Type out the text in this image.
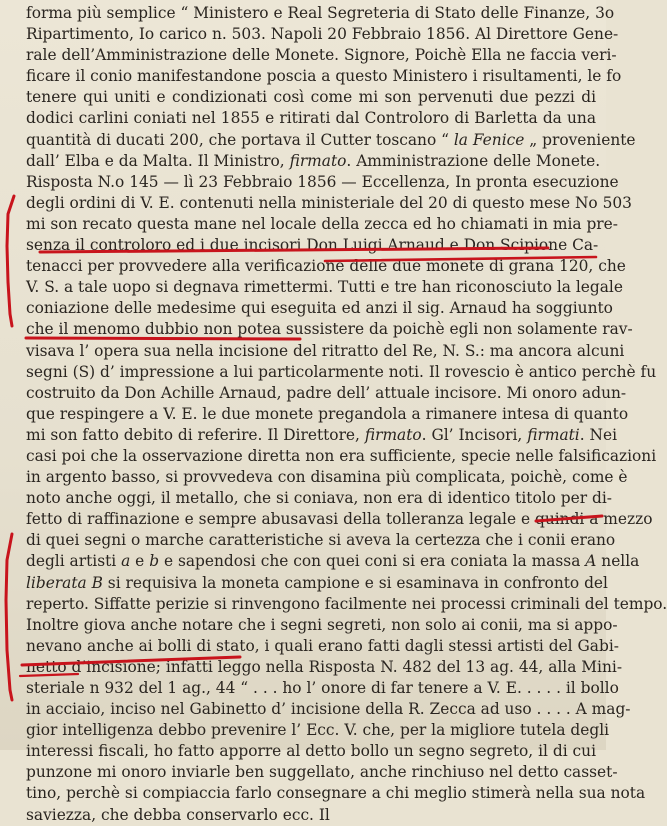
forma più semplice “ Ministero e Real Segreteria di Stato delle Finanze, 3o
Ripartimento, Io carico n. 503. Napoli 20 Febbraio 1856. Al Direttore Gene-
rale dell’Amministrazione delle Monete. Signore, Poichè Ella ne faccia veri-
ficare il conio manifestandone poscia a questo Ministero i risultamenti, le fo
tenere qui uniti e condizionati così come mi son pervenuti due pezzi di
dodici carlini coniati nel 1855 e ritirati dal Controloro di Barletta da una
quantità di ducati 200, che portava il Cutter toscano “ la Fenice „ proveniente
dall’ Elba e da Malta. Il Ministro, firmato. Amministrazione delle Monete.
Risposta N.o 145 — lì 23 Febbraio 1856 — Eccellenza, In pronta esecuzione
degli ordini di V. E. contenuti nella ministeriale del 20 di questo mese No 503
mi son recato questa mane nel locale della zecca ed ho chiamati in mia pre-
senza il controloro ed i due incisori Don Luigi Arnaud e Don Scipione Ca-
tenacci per provvedere alla verificazione delle due monete di grana 120, che
V. S. a tale uopo si degnava rimettermi. Tutti e tre han riconosciuto la legale
coniazione delle medesime qui eseguita ed anzi il sig. Arnaud ha soggiunto
che il menomo dubbio non potea sussistere da poichè egli non solamente rav-
visava l’ opera sua nella incisione del ritratto del Re, N. S.: ma ancora alcuni
segni (S) d’ impressione a lui particolarmente noti. Il rovescio è antico perchè fu
costruito da Don Achille Arnaud, padre dell’ attuale incisore. Mi onoro adun-
que respingere a V. E. le due monete pregandola a rimanere intesa di quanto
mi son fatto debito di referire. Il Direttore, firmato. Gl’ Incisori, firmati. Nei
casi poi che la osservazione diretta non era sufficiente, specie nelle falsificazioni
in argento basso, si provvedeva con disamina più complicata, poichè, come è
noto anche oggi, il metallo, che si coniava, non era di identico titolo per di-
fetto di raffinazione e sempre abusavasi della tolleranza legale e quindi a mezzo
di quei segni o marche caratteristiche si aveva la certezza che i conii erano
degli artisti a e b e sapendosi che con quei coni si era coniata la massa A nella
liberata B si requisiva la moneta campione e si esaminava in confronto del
reperto. Siffatte perizie si rinvengono facilmente nei processi criminali del tempo.
Inoltre giova anche notare che i segni segreti, non solo ai conii, ma si appo-
nevano anche ai bolli di stato, i quali erano fatti dagli stessi artisti del Gabi-
netto d’incisione; infatti leggo nella Risposta N. 482 del 13 ag. 44, alla Mini-
steriale n 932 del 1 ag., 44 “ . . . ho l’ onore di far tenere a V. E. . . . . il bollo
in acciaio, inciso nel Gabinetto d’ incisione della R. Zecca ad uso . . . . A mag-
gior intelligenza debbo prevenire l’ Ecc. V. che, per la migliore tutela degli
interessi fiscali, ho fatto apporre al detto bollo un segno segreto, il di cui
punzone mi onoro inviarle ben suggellato, anche rinchiuso nel detto casset-
tino, perchè si compiaccia farlo consegnare a chi meglio stimerà nella sua nota
saviezza, che debba conservarlo ecc. Il
